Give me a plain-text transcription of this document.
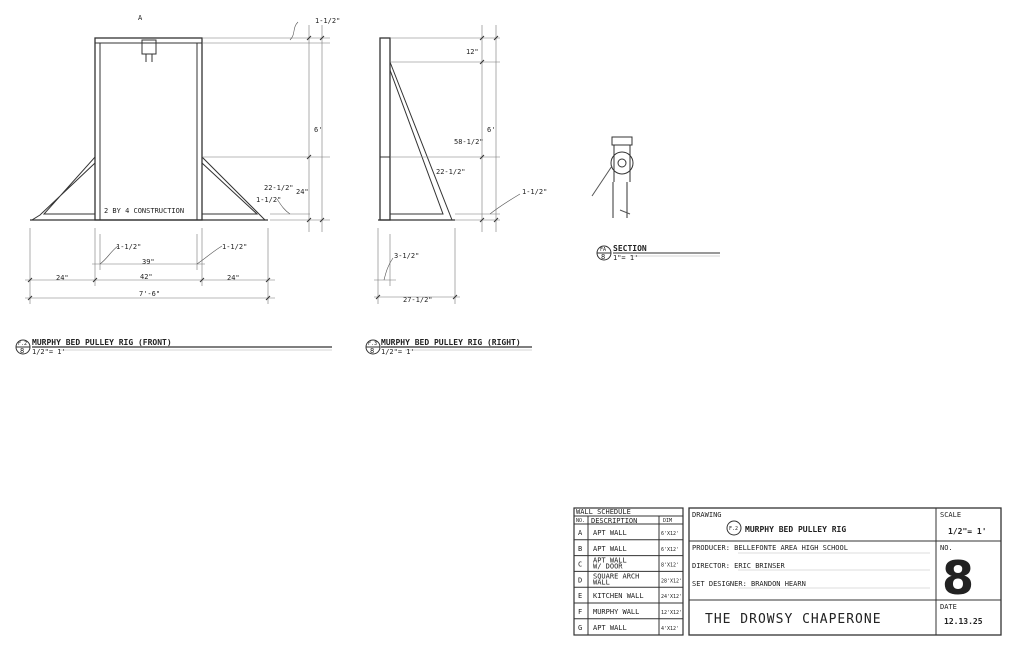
A	1-1/2"
6'
22-1/2" 24"
1-1/2"
2 BY 4 CONSTRUCTION
1-1/2"	1-1/2"
39"
42"
24"	24"
7'-6"
F.2
8
MURPHY BED PULLEY RIG (FRONT)
1/2"= 1'
12"
6'
58-1/2"
22-1/2"
1-1/2"
3-1/2"
27-1/2"
F.3
8
MURPHY BED PULLEY RIG (RIGHT)
1/2"= 1'
FA
8
SECTION
1"= 1'
WALL SCHEDULE
NO. DESCRIPTION	DIM
A APT WALL	6'X12'
B APT WALL	6'X12'
C APT WALL
W/ DOOR	8'X12'
D SQUARE ARCH
WALL	28'X12'
E KITCHEN WALL	24'X12'
F MURPHY WALL	12'X12'
G APT WALL	4'X12'
DRAWING
F.2 MURPHY BED PULLEY RIG
SCALE
1/2"= 1'
PRODUCER: BELLEFONTE AREA HIGH SCHOOL
DIRECTOR: ERIC BRINSER
SET DESIGNER: BRANDON HEARN
NO.
8
THE DROWSY CHAPERONE
DATE
12.13.25
